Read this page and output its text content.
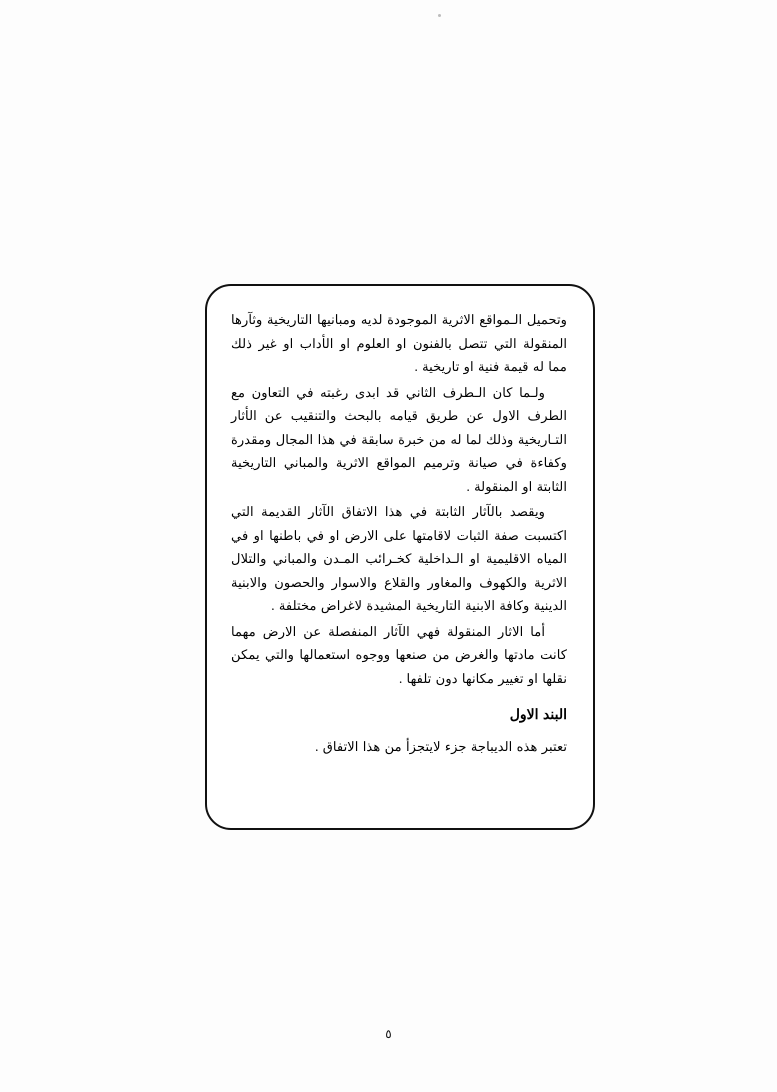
وتحميل الـمواقع الاثرية الموجودة لديه ومبانيها التاريخية وثآرها المنقولة التي تتصل بالفنون او العلوم او الأداب او غير ذلك مما له قيمة فنية او تاريخية .

ولـما كان الـطرف الثاني قد ابدى رغبته في التعاون مع الطرف الاول عن طريق قيامه بالبحث والتنقيب عن الأثار التـاريخية وذلك لما له من خبرة سابقة في هذا المجال ومقدرة وكفاءة في صيانة وترميم المواقع الاثرية والمباني التاريخية الثابتة او المنقولة .

ويقصد بالآثار الثابتة في هذا الاتفاق الآثار القديمة التي اكتسبت صفة الثبات لاقامتها على الارض او في باطنها او في المياه الاقليمية او الـداخلية كخـرائب المـدن والمباني والتلال الاثرية والكهوف والمغاور والقلاع والاسوار والحصون والابنية الدينية وكافة الابنية التاريخية المشيدة لاغراض مختلفة .

أما الاثار المنقولة فهي الآثار المنفصلة عن الارض مهما كانت مادتها والغرض من صنعها ووجوه استعمالها والتي يمكن نقلها او تغيير مكانها دون تلفها .

البند الاول

تعتبر هذه الديباجة جزء لايتجزأ من هذا الاتفاق .

٥
